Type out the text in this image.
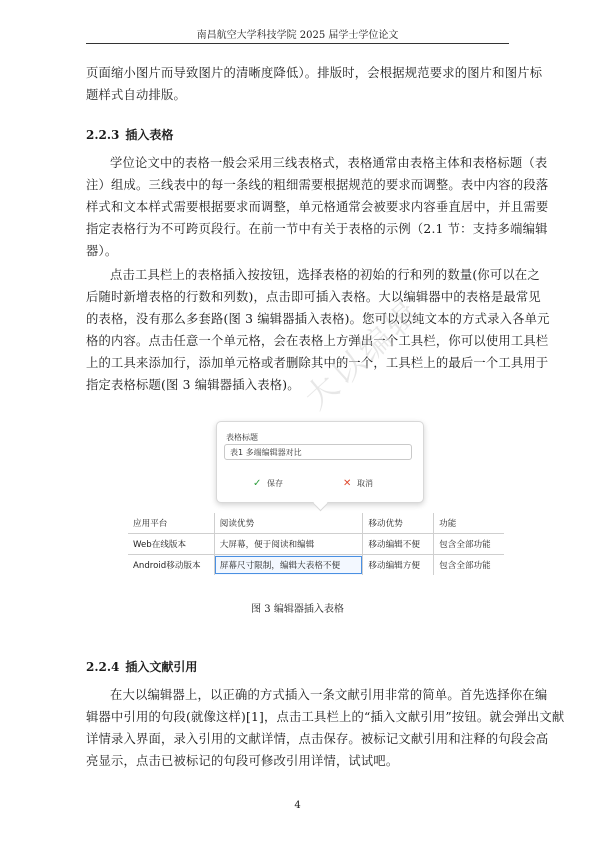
南昌航空大学科技学院 2025 届学士学位论文
页面缩小图片而导致图片的清晰度降低）。排版时，会根据规范要求的图片和图片标
题样式自动排版。
2.2.3 插入表格
学位论文中的表格一般会采用三线表格式，表格通常由表格主体和表格标题（表
注）组成。三线表中的每一条线的粗细需要根据规范的要求而调整。表中内容的段落
样式和文本样式需要根据要求而调整，单元格通常会被要求内容垂直居中，并且需要
指定表格行为不可跨页段行。在前一节中有关于表格的示例（2.1 节：支持多端编辑
器）。
点击工具栏上的表格插入按按钮，选择表格的初始的行和列的数量(你可以在之
后随时新增表格的行数和列数)，点击即可插入表格。大以编辑器中的表格是最常见
的表格，没有那么多套路(图 3 编辑器插入表格)。您可以以纯文本的方式录入各单元
格的内容。点击任意一个单元格，会在表格上方弹出一个工具栏，你可以使用工具栏
上的工具来添加行，添加单元格或者删除其中的一个，工具栏上的最后一个工具用于
指定表格标题(图 3 编辑器插入表格)。
大以编辑
表格标题
表1 多端编辑器对比
✓ 保存	✕ 取消
应用平台	阅读优势	移动优势	功能
Web在线版本	大屏幕，便于阅读和编辑	移动编辑不便	包含全部功能
Android移动版本	屏幕尺寸限制，编辑大表格不便	移动编辑方便	包含全部功能
图 3 编辑器插入表格
2.2.4 插入文献引用
在大以编辑器上，以正确的方式插入一条文献引用非常的简单。首先选择你在编
辑器中引用的句段(就像这样)[1]，点击工具栏上的“插入文献引用”按钮。就会弹出文献
详情录入界面，录入引用的文献详情，点击保存。被标记文献引用和注释的句段会高
亮显示，点击已被标记的句段可修改引用详情，试试吧。
4
